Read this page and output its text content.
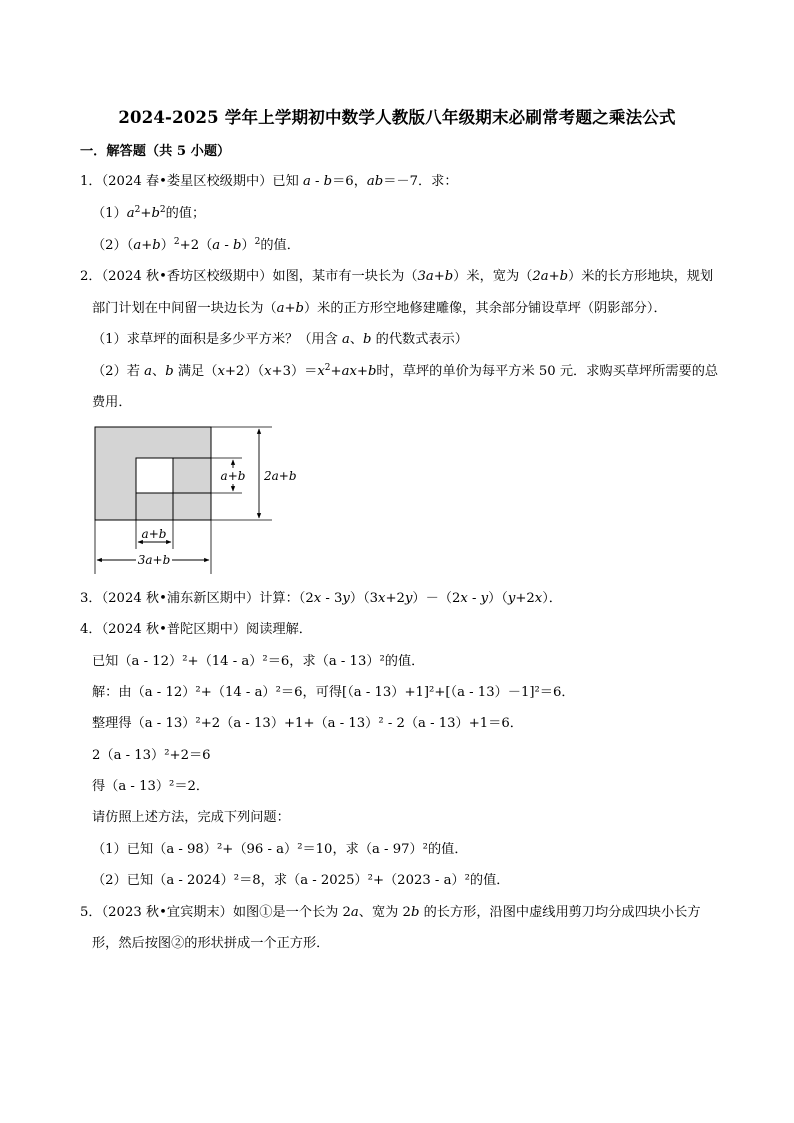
2024-2025 学年上学期初中数学人教版八年级期末必刷常考题之乘法公式
一．解答题（共 5 小题）
1．（2024 春•娄星区校级期中）已知 a - b＝6，ab＝－7．求：
$(1)a^2+b^2$的值；
$(2)(a+b)^2+2(a - b)^2$的值．
2．（2024 秋•香坊区校级期中）如图，某市有一块长为（3a+b）米，宽为（2a+b）米的长方形地块，规划
部门计划在中间留一块边长为（a+b）米的正方形空地修建雕像，其余部分铺设草坪（阴影部分）．
（1）求草坪的面积是多少平方米？（用含 a、b 的代数式表示）
（2）若 a、b 满足$(x+2)(x+3)=x^2+ax+b$时，草坪的单价为每平方米 50 元．求购买草坪所需要的总
费用．
a+b 2a+b
a+b
3a+b
3．（2024 秋•浦东新区期中）计算：（2x - 3y）（3x+2y）－（2x - y）（y+2x）．
4．（2024 秋•普陀区期中）阅读理解．
已知（a - 12）²+（14 - a）²＝6，求（a - 13）²的值．
解：由（a - 12）²+（14 - a）²＝6，可得[（a - 13）+1]²+[（a - 13）－1]²＝6．
整理得（a - 13）²+2（a - 13）+1+（a - 13）² - 2（a - 13）+1＝6．
2（a - 13）²+2＝6
得（a - 13）²＝2．
请仿照上述方法，完成下列问题：
（1）已知（a - 98）²+（96 - a）²＝10，求（a - 97）²的值．
（2）已知（a - 2024）²＝8，求（a - 2025）²+（2023 - a）²的值．
5．（2023 秋•宜宾期末）如图①是一个长为 2a、宽为 2b 的长方形，沿图中虚线用剪刀均分成四块小长方
形，然后按图②的形状拼成一个正方形．
